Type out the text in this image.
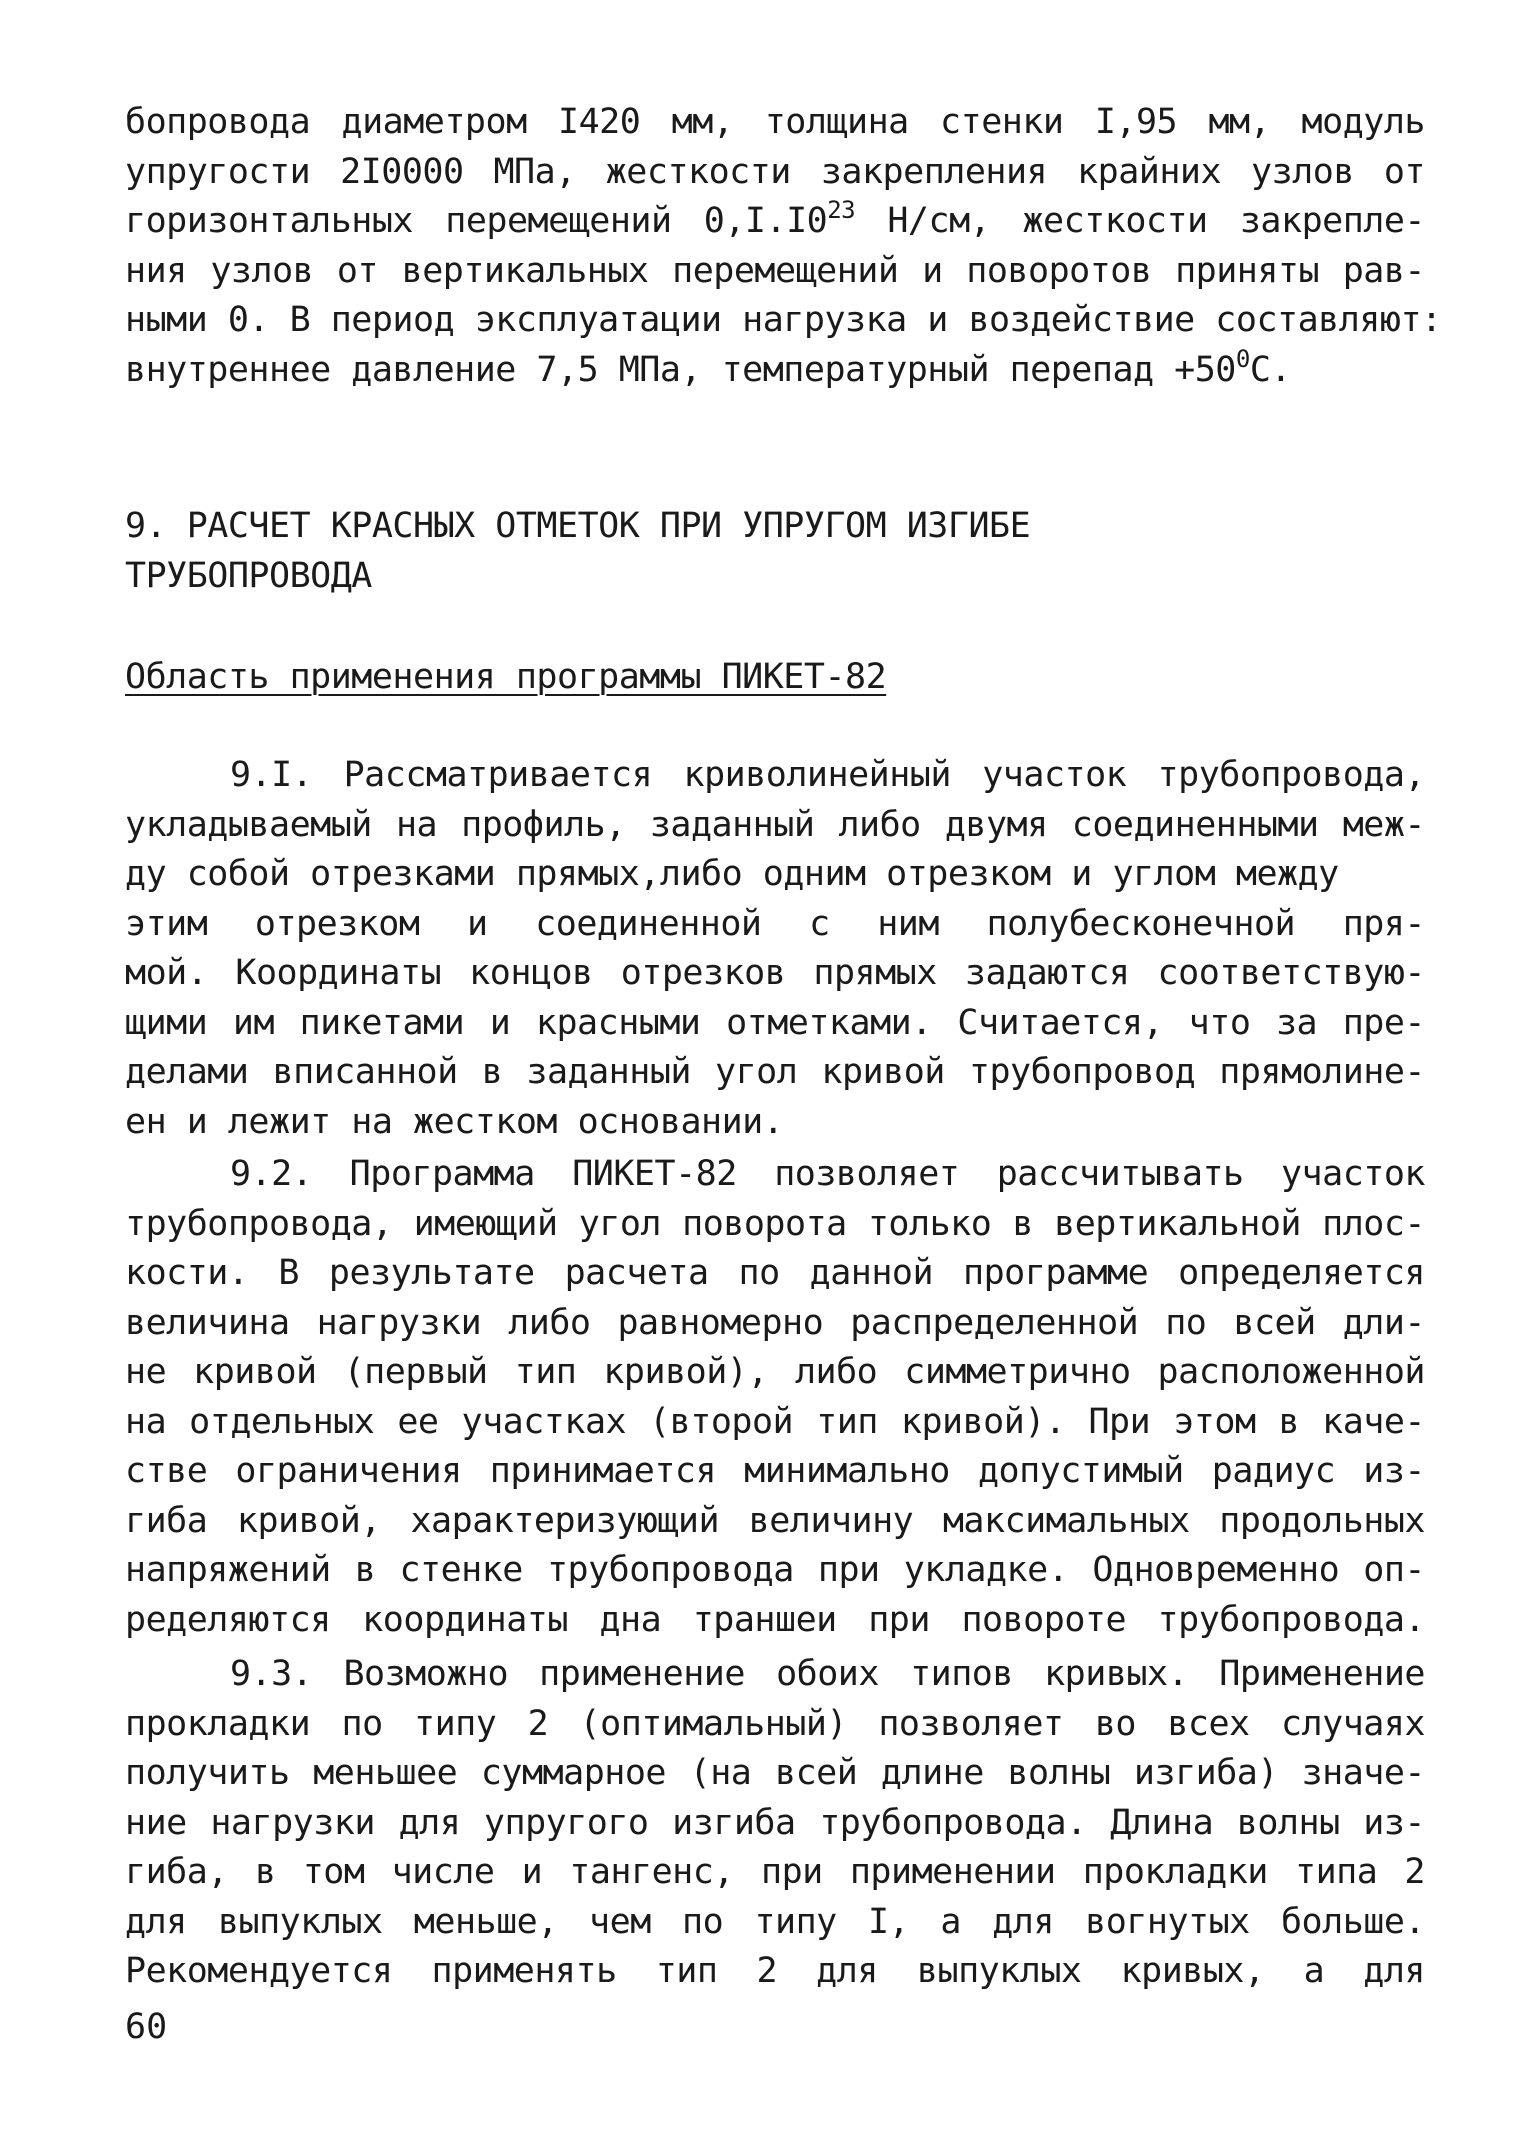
бопровода диаметром I420 мм, толщина стенки I,95 мм, модуль
упругости 2I0000 МПа, жесткости закрепления крайних узлов от
горизонтальных перемещений $0,I.I0^{23}$ Н/см, жесткости закрепле-
ния узлов от вертикальных перемещений и поворотов приняты рав-
ными 0. В период эксплуатации нагрузка и воздействие составляют:
внутреннее давление 7,5 МПа, температурный перепад $+50^0С$.
9. РАСЧЕТ КРАСНЫХ ОТМЕТОК ПРИ УПРУГОМ ИЗГИБЕ
ТРУБОПРОВОДА
Область применения программы ПИКЕТ-82
9.I. Рассматривается криволинейный участок трубопровода,
укладываемый на профиль, заданный либо двумя соединенными меж-
ду собой отрезками прямых,либо одним отрезком и углом между
этим отрезком и соединенной с ним полубесконечной пря-
мой. Координаты концов отрезков прямых задаются соответствую-
щими им пикетами и красными отметками. Считается, что за пре-
делами вписанной в заданный угол кривой трубопровод прямолине-
ен и лежит на жестком основании.
9.2. Программа ПИКЕТ-82 позволяет рассчитывать участок
трубопровода, имеющий угол поворота только в вертикальной плос-
кости. В результате расчета по данной программе определяется
величина нагрузки либо равномерно распределенной по всей дли-
не кривой (первый тип кривой), либо симметрично расположенной
на отдельных ее участках (второй тип кривой). При этом в каче-
стве ограничения принимается минимально допустимый радиус из-
гиба кривой, характеризующий величину максимальных продольных
напряжений в стенке трубопровода при укладке. Одновременно оп-
ределяются координаты дна траншеи при повороте трубопровода.
9.3. Возможно применение обоих типов кривых. Применение
прокладки по типу 2 (оптимальный) позволяет во всех случаях
получить меньшее суммарное (на всей длине волны изгиба) значе-
ние нагрузки для упругого изгиба трубопровода. Длина волны из-
гиба, в том числе и тангенс, при применении прокладки типа 2
для выпуклых меньше, чем по типу I, а для вогнутых больше.
Рекомендуется применять тип 2 для выпуклых кривых, а для
60
